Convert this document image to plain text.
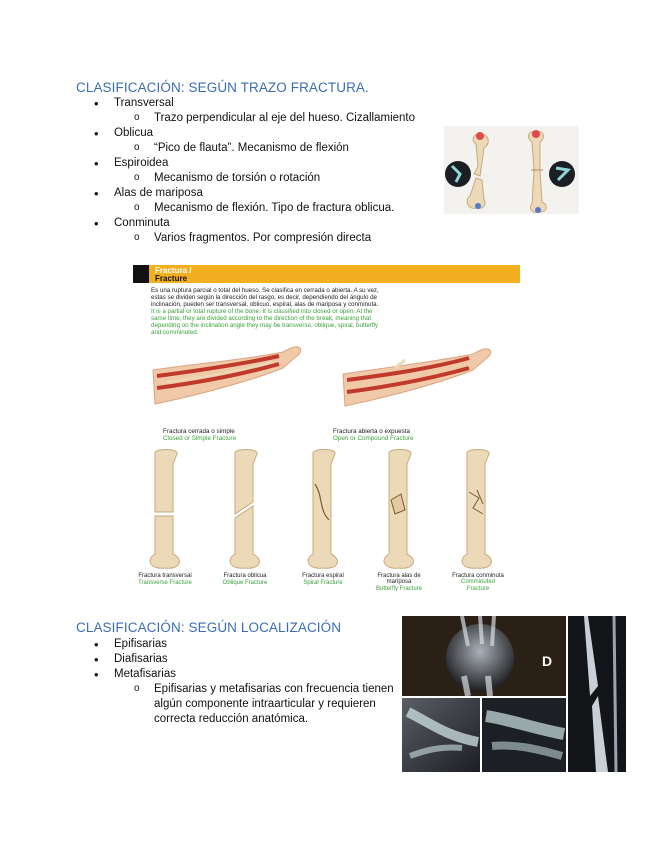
CLASIFICACIÓN: SEGÚN TRAZO FRACTURA.
• Transversal
o Trazo perpendicular al eje del hueso. Cizallamiento
• Oblicua
o “Pico de flauta”. Mecanismo de flexión
• Espiroidea
o Mecanismo de torsión o rotación
• Alas de mariposa
o Mecanismo de flexión. Tipo de fractura oblicua.
• Conminuta
o Varios fragmentos. Por compresión directa
Fractura /
Fracture
Es una ruptura parcial o total del hueso. Se clasifica en cerrada o abierta. A su vez,
estas se dividen según la dirección del rasgo, es decir, dependiendo del ángulo de
inclinación, pueden ser transversal, oblicuo, espiral, alas de mariposa y conminuta.
It is a partial or total rupture of the bone. It is classified into closed or open. At the
same time, they are divided according to the direction of the break, meaning that
depending on the inclination angle they may be transverse, oblique, spiral, butterfly
and comminuted.
Fractura cerrada o simple
Closed or Simple Fracture
Fractura abierta o expuesta
Open or Compound Fracture
Fractura transversal
Transverse Fracture
Fractura oblicua
Oblique Fracture
Fractura espiral
Spiral Fracture
Fractura alas de
mariposa
Butterfly Fracture
Fractura conminuta
Comminuted
Fracture
CLASIFICACIÓN: SEGÚN LOCALIZACIÓN
• Epifisarias
• Diafisarias
• Metafisarias
o Epifisarias y metafisarias con frecuencia tienen algún componente intraarticular y requieren correcta reducción anatómica.
D
